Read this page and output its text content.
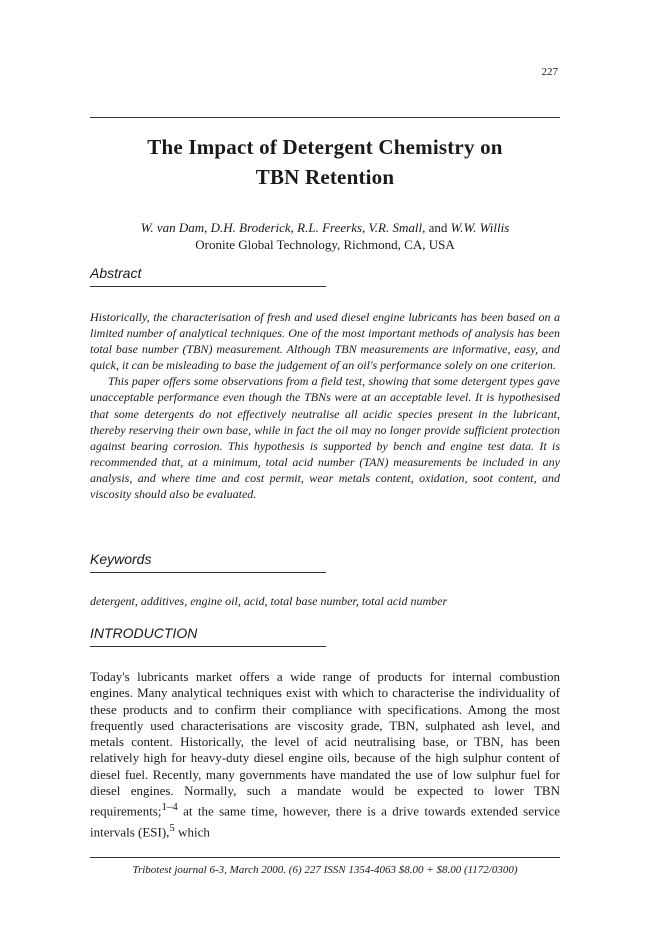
227
The Impact of Detergent Chemistry on
TBN Retention
W. van Dam, D.H. Broderick, R.L. Freerks, V.R. Small, and W.W. Willis
Oronite Global Technology, Richmond, CA, USA
Abstract

Historically, the characterisation of fresh and used diesel engine lubricants has been based on a limited number of analytical techniques. One of the most important methods of analysis has been total base number (TBN) measurement. Although TBN measurements are informative, easy, and quick, it can be misleading to base the judgement of an oil's performance solely on one criterion.

This paper offers some observations from a field test, showing that some detergent types gave unacceptable performance even though the TBNs were at an acceptable level. It is hypothesised that some detergents do not effectively neutralise all acidic species present in the lubricant, thereby reserving their own base, while in fact the oil may no longer provide sufficient protection against bearing corrosion. This hypothesis is supported by bench and engine test data. It is recommended that, at a minimum, total acid number (TAN) measurements be included in any analysis, and where time and cost permit, wear metals content, oxidation, soot content, and viscosity should also be evaluated.

Keywords
detergent, additives, engine oil, acid, total base number, total acid number
INTRODUCTION
Today's lubricants market offers a wide range of products for internal combustion engines. Many analytical techniques exist with which to characterise the individuality of these products and to confirm their compliance with specifications. Among the most frequently used characterisations are viscosity grade, TBN, sulphated ash level, and metals content. Historically, the level of acid neutralising base, or TBN, has been relatively high for heavy-duty diesel engine oils, because of the high sulphur content of diesel fuel. Recently, many governments have mandated the use of low sulphur fuel for diesel engines. Normally, such a mandate would be expected to lower TBN requirements;$^{1-4}$ at the same time, however, there is a drive towards extended service intervals (ESI),$^5$ which
Tribotest journal 6-3, March 2000. (6) 227 ISSN 1354-4063 $8.00 + $8.00 (1172/0300)
